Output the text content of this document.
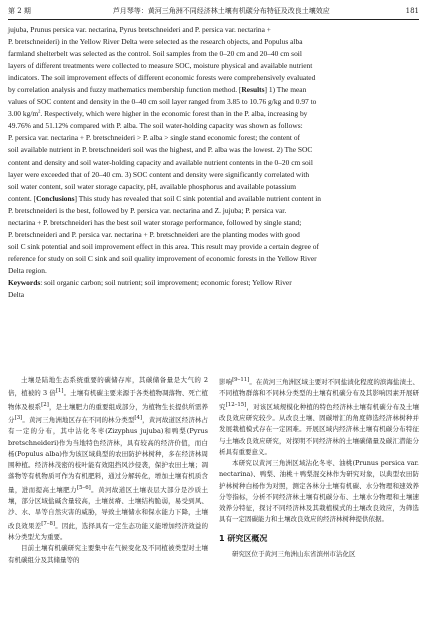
第 2 期	芦月琴等：黄河三角洲不同经济林土壤有机碳分布特征及改良土壤效应	181

jujuba, Prunus persica var. nectarina, Pyrus bretschneideri and P. persica var. nectarina +

P. bretschneideri) in the Yellow River Delta were selected as the research objects, and Populus alba

farmland shelterbelt was selected as the control. Soil samples from the 0–20 cm and 20–40 cm soil

layers of different treatments were collected to measure SOC, moisture physical and available nutrient

indicators. The soil improvement effects of different economic forests were comprehensively evaluated

by correlation analysis and fuzzy mathematics membership function method. [Results] 1) The mean

values of SOC content and density in the 0–40 cm soil layer ranged from 3.85 to 10.76 g/kg and 0.97 to

3.00 $kg/m^2$. Respectively, which were higher in the economic forest than in the P. alba, increasing by

49.76% and 51.12% compared with P. alba. The soil water-holding capacity was shown as follows:

P. persica var. nectarina + P. bretschneideri > P. alba > single stand economic forest; the content of

soil available nutrient in P. bretschneideri soil was the highest, and P. alba was the lowest. 2) The SOC

content and density and soil water-holding capacity and available nutrient contents in the 0–20 cm soil

layer were exceeded that of 20–40 cm. 3) SOC content and density were significantly correlated with

soil water content, soil water storage capacity, pH, available phosphorus and available potassium

content. [Conclusions] This study has revealed that soil C sink potential and available nutrient content in

P. bretschneideri is the best, followed by P. persica var. nectarina and Z. jujuba; P. persica var.

nectarina + P. bretschneideri has the best soil water storage performance, followed by single stand;

P. bretschneideri and P. persica var. nectarina + P. bretschneideri are the planting modes with good

soil C sink potential and soil improvement effect in this area. This result may provide a certain degree of

reference for study on soil C sink and soil quality improvement of economic forests in the Yellow River

Delta region.

Keywords: soil organic carbon; soil nutrient; soil improvement; economic forest; Yellow River

Delta

土壤是陆地生态系统重要的碳储存库，其碳储备量是大气的 2 倍，植被的 3 倍[1]。土壤有机碳主要来源于各类植物凋落物、死亡植物体及根系[2]，是土壤肥力的重要组成部分，为植物生长提供所需养分[3]。黄河三角洲地区存在不同的林分类型[4]，黄河故道区经济林占有一定的分布，其中沾化冬枣(Zizyphus jujuba)和鸭梨(Pyrus bretschneideri)作为当地特色经济林，具有较高的经济价值，而白杨(Populus alba)作为该区域典型的农田防护林树种，多在经济林周围种植。经济林茂密的枝叶能有效阻挡风沙侵袭，保护农田土壤；凋落物等有机物质可作为有机肥料，通过分解转化，增加土壤有机质含量，进而提高土壤肥力[5–6]。黄河故道区土壤表层大部分是沙质土壤，部分区域盐碱含量较高，土壤贫瘠、土壤结构脆弱，易受到风、沙、水、旱等自然灾害的威胁，导致土壤储水和保水能力下降，土壤改良效果差[7–8]。因此，选择具有一定生态功能又能增加经济效益的林分类型尤为重要。

目前土壤有机碳研究主要集中在气候变化及不同植被类型对土壤有机碳组分及其储量等的

影响[9–11]。在黄河三角洲区域主要对不同盐渍化程度的滨海盐渍土、不同植物群落和不同林分类型的土壤有机碳分布及其影响因素开展研究[12–15]，对该区域规模化种植的特色经济林土壤有机碳分布及土壤改良效应研究较少。从改良土壤、固碳增汇的角度筛选经济林树种并发展栽植模式存在一定困难。开展区域内经济林土壤有机碳分布特征与土壤改良效应研究，对探明不同经济林的土壤碳储量及碳汇潜能分析具有重要意义。

本研究以黄河三角洲区域沾化冬枣、油桃(Prunus persica var. nectarina)、鸭梨、油桃＋鸭梨混交林作为研究对象，以典型农田防护林树种白杨作为对照，测定各林分土壤有机碳、水分物理和速效养分等指标，分析不同经济林土壤有机碳分布、土壤水分物理和土壤速效养分特征，探讨不同经济林及其栽植模式的土壤改良效应，为筛选具有一定固碳能力和土壤改良效应的经济林树种提供依据。

1 研究区概况

研究区位于黄河三角洲山东省滨州市沾化区
